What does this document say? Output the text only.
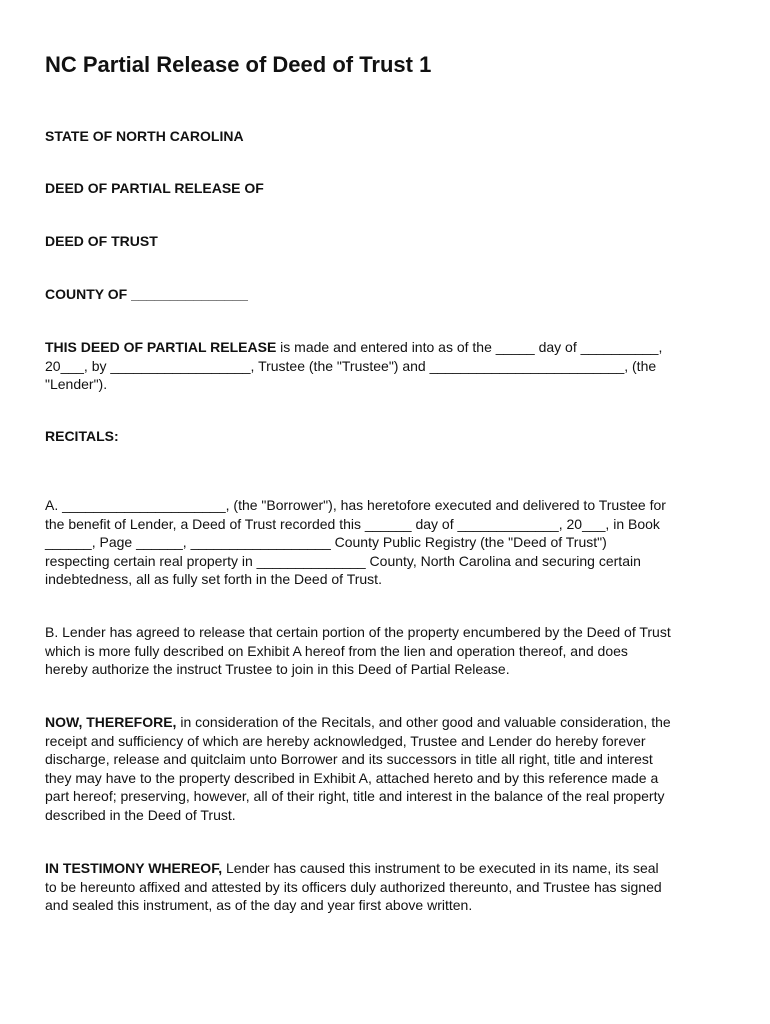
NC Partial Release of Deed of Trust 1
STATE OF NORTH CAROLINA
DEED OF PARTIAL RELEASE OF
DEED OF TRUST
COUNTY OF _______________
THIS DEED OF PARTIAL RELEASE is made and entered into as of the _____ day of __________,
20___, by __________________, Trustee (the "Trustee") and _________________________, (the
"Lender").
RECITALS:
A. _____________________, (the "Borrower"), has heretofore executed and delivered to Trustee for
the benefit of Lender, a Deed of Trust recorded this ______ day of _____________, 20___, in Book
______, Page ______, __________________ County Public Registry (the "Deed of Trust")
respecting certain real property in ______________ County, North Carolina and securing certain
indebtedness, all as fully set forth in the Deed of Trust.
B. Lender has agreed to release that certain portion of the property encumbered by the Deed of Trust
which is more fully described on Exhibit A hereof from the lien and operation thereof, and does
hereby authorize the instruct Trustee to join in this Deed of Partial Release.
NOW, THEREFORE, in consideration of the Recitals, and other good and valuable consideration, the
receipt and sufficiency of which are hereby acknowledged, Trustee and Lender do hereby forever
discharge, release and quitclaim unto Borrower and its successors in title all right, title and interest
they may have to the property described in Exhibit A, attached hereto and by this reference made a
part hereof; preserving, however, all of their right, title and interest in the balance of the real property
described in the Deed of Trust.
IN TESTIMONY WHEREOF, Lender has caused this instrument to be executed in its name, its seal
to be hereunto affixed and attested by its officers duly authorized thereunto, and Trustee has signed
and sealed this instrument, as of the day and year first above written.
